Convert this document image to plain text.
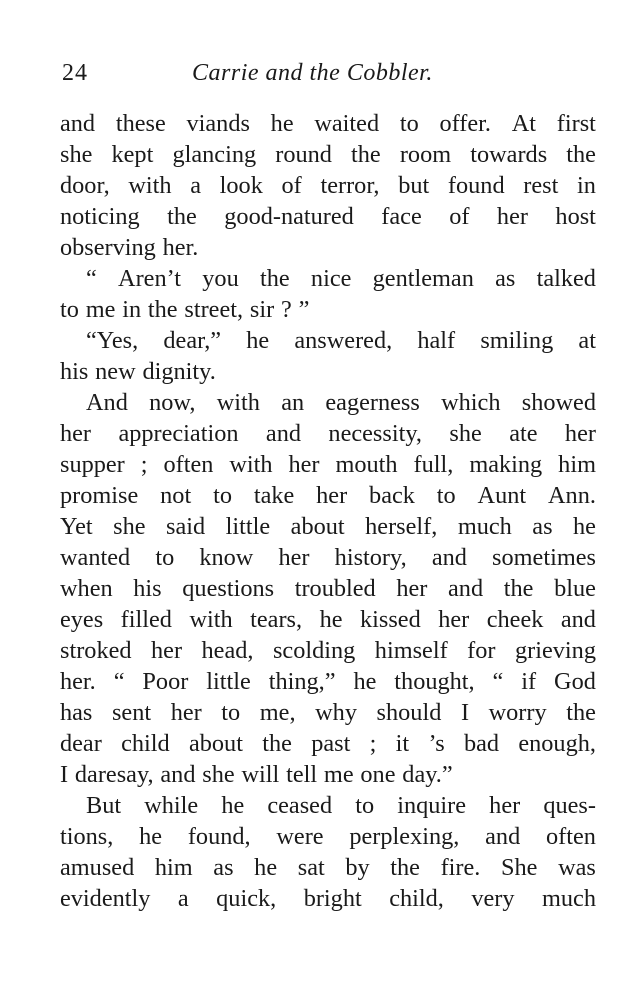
24	Carrie and the Cobbler.
and these viands he waited to offer. At first
she kept glancing round the room towards the
door, with a look of terror, but found rest in
noticing the good-natured face of her host
observing her.
“ Aren’t you the nice gentleman as talked
to me in the street, sir ? ”
“Yes, dear,” he answered, half smiling at
his new dignity.
And now, with an eagerness which showed
her appreciation and necessity, she ate her
supper ; often with her mouth full, making him
promise not to take her back to Aunt Ann.
Yet she said little about herself, much as he
wanted to know her history, and sometimes
when his questions troubled her and the blue
eyes filled with tears, he kissed her cheek and
stroked her head, scolding himself for grieving
her. “ Poor little thing,” he thought, “ if God
has sent her to me, why should I worry the
dear child about the past ; it ’s bad enough,
I daresay, and she will tell me one day.”
But while he ceased to inquire her ques-
tions, he found, were perplexing, and often
amused him as he sat by the fire. She was
evidently a quick, bright child, very much
